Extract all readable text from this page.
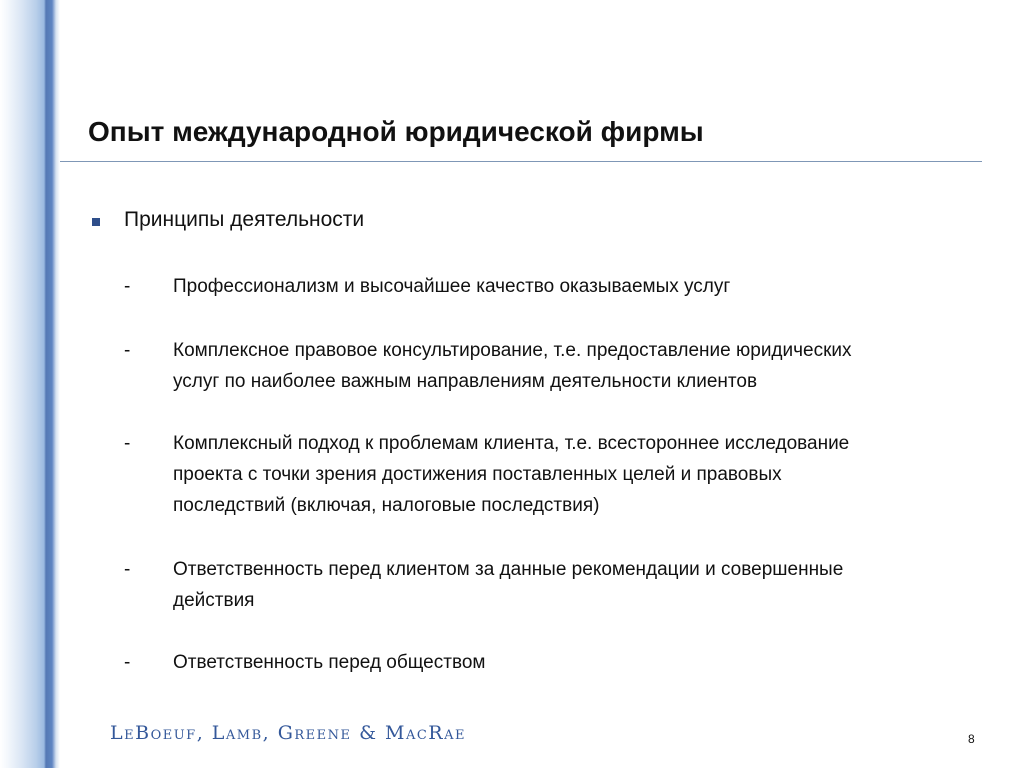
Опыт международной юридической фирмы
Принципы деятельности
- Профессионализм и высочайшее качество оказываемых услуг
- Комплексное правовое консультирование, т.е. предоставление юридических
услуг по наиболее важным направлениям деятельности клиентов
- Комплексный подход к проблемам клиента, т.е. всестороннее исследование
проекта с точки зрения достижения поставленных целей и правовых
последствий (включая, налоговые последствия)
- Ответственность перед клиентом за данные рекомендации и совершенные
действия
- Ответственность перед обществом
LeBoeuf, Lamb, Greene & MacRae	8
